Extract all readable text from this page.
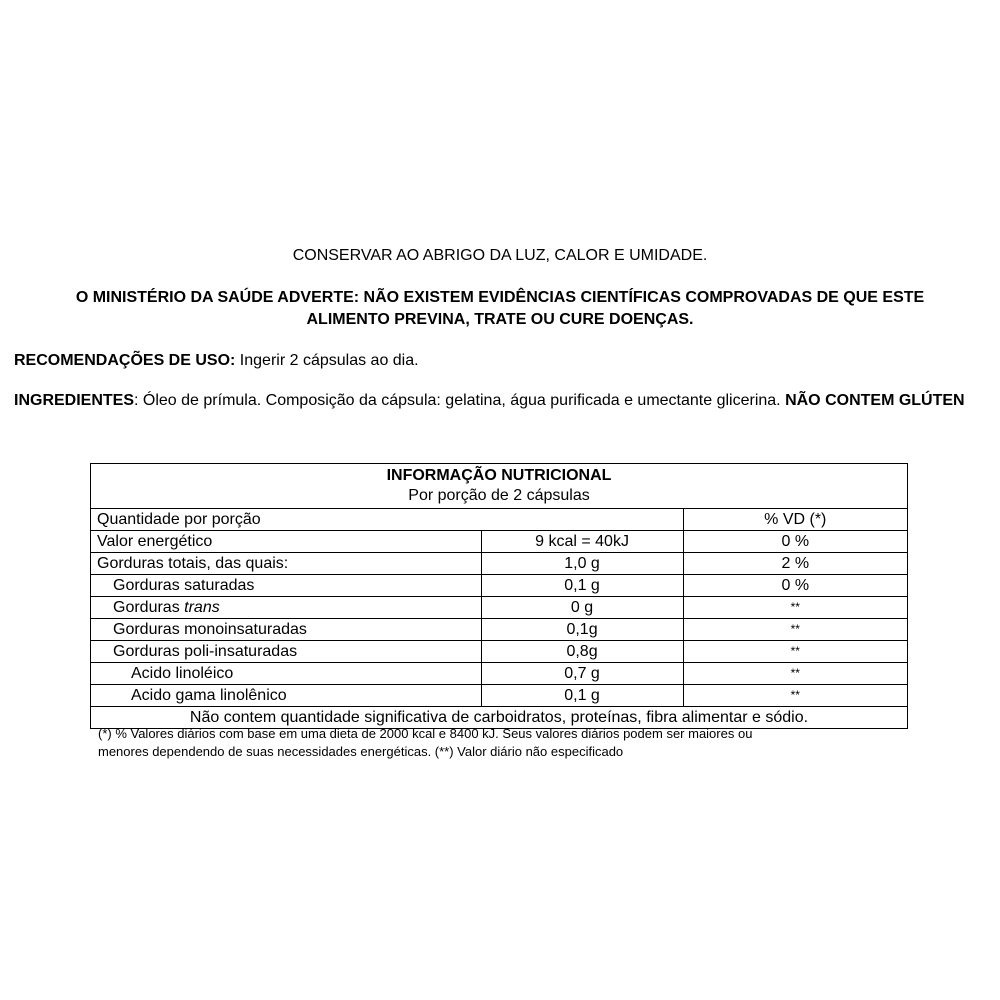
CONSERVAR AO ABRIGO DA LUZ, CALOR E UMIDADE.
O MINISTÉRIO DA SAÚDE ADVERTE: NÃO EXISTEM EVIDÊNCIAS CIENTÍFICAS COMPROVADAS DE QUE ESTE
ALIMENTO PREVINA, TRATE OU CURE DOENÇAS.
RECOMENDAÇÕES DE USO: Ingerir 2 cápsulas ao dia.
INGREDIENTES: Óleo de prímula. Composição da cápsula: gelatina, água purificada e umectante glicerina. NÃO CONTEM GLÚTEN
INFORMAÇÃO NUTRICIONAL
Por porção de 2 cápsulas		

Quantidade por porção		% VD (*)
Valor energético	9 kcal = 40kJ	0 %
Gorduras totais, das quais:	1,0 g	2 %
Gorduras saturadas	0,1 g	0 %
Gorduras trans	0 g	**
Gorduras monoinsaturadas	0,1g	**
Gorduras poli-insaturadas	0,8g	**
Acido linoléico	0,7 g	**
Acido gama linolênico	0,1 g	**
Não contem quantidade significativa de carboidratos, proteínas, fibra alimentar e sódio.		
(*) % Valores diários com base em uma dieta de 2000 kcal e 8400 kJ. Seus valores diários podem ser maiores ou
menores dependendo de suas necessidades energéticas. (**) Valor diário não especificado
